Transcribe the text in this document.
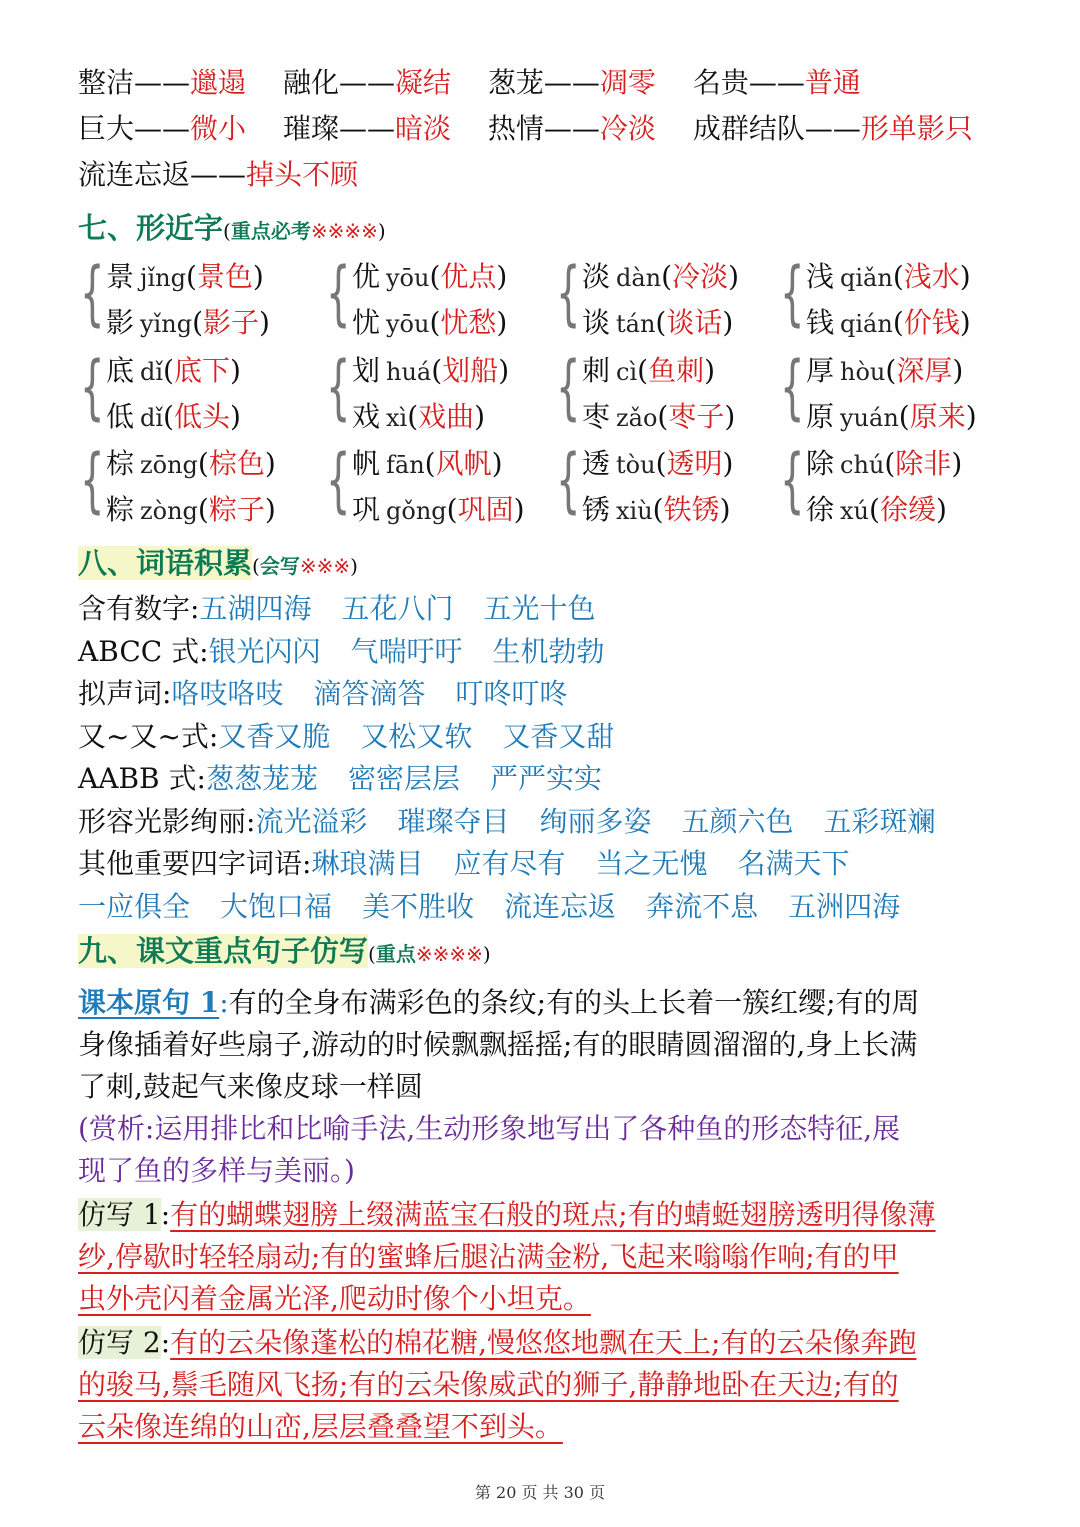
整洁——邋遢 融化——凝结 葱茏——凋零 名贵——普通
巨大——微小 璀璨——暗淡 热情——冷淡 成群结队——形单影只
流连忘返——掉头不顾
七、形近字(重点必考※※※※)
{ 景 jǐng(景色)
影 yǐng(影子) { 优 yōu(优点)
忧 yōu(忧愁) { 淡 dàn(冷淡)
谈 tán(谈话) { 浅 qiǎn(浅水)
钱 qián(价钱)
{ 底 dǐ(底下)
低 dǐ(低头) { 划 huá(划船)
戏 xì(戏曲) { 刺 cì(鱼刺)
枣 zǎo(枣子) { 厚 hòu(深厚)
原 yuán(原来)
{ 棕 zōng(棕色)
粽 zòng(粽子) { 帆 fān(风帆)
巩 gǒng(巩固) { 透 tòu(透明)
锈 xiù(铁锈) { 除 chú(除非)
徐 xú(徐缓)
八、词语积累(会写※※※)
含有数字:五湖四海 五花八门 五光十色
ABCC 式:银光闪闪 气喘吁吁 生机勃勃
拟声词:咯吱咯吱 滴答滴答 叮咚叮咚
又~又~式:又香又脆 又松又软 又香又甜
AABB 式:葱葱茏茏 密密层层 严严实实
形容光影绚丽:流光溢彩 璀璨夺目 绚丽多姿 五颜六色 五彩斑斓
其他重要四字词语:琳琅满目 应有尽有 当之无愧 名满天下
一应俱全 大饱口福 美不胜收 流连忘返 奔流不息 五洲四海
九、课文重点句子仿写(重点※※※※)
课本原句 1:有的全身布满彩色的条纹;有的头上长着一簇红缨;有的周
身像插着好些扇子,游动的时候飘飘摇摇;有的眼睛圆溜溜的,身上长满
了刺,鼓起气来像皮球一样圆
(赏析:运用排比和比喻手法,生动形象地写出了各种鱼的形态特征,展
现了鱼的多样与美丽。)
仿写 1:有的蝴蝶翅膀上缀满蓝宝石般的斑点;有的蜻蜓翅膀透明得像薄
纱,停歇时轻轻扇动;有的蜜蜂后腿沾满金粉,飞起来嗡嗡作响;有的甲
虫外壳闪着金属光泽,爬动时像个小坦克。
仿写 2:有的云朵像蓬松的棉花糖,慢悠悠地飘在天上;有的云朵像奔跑
的骏马,鬃毛随风飞扬;有的云朵像威武的狮子,静静地卧在天边;有的
云朵像连绵的山峦,层层叠叠望不到头。
第 20 页 共 30 页
